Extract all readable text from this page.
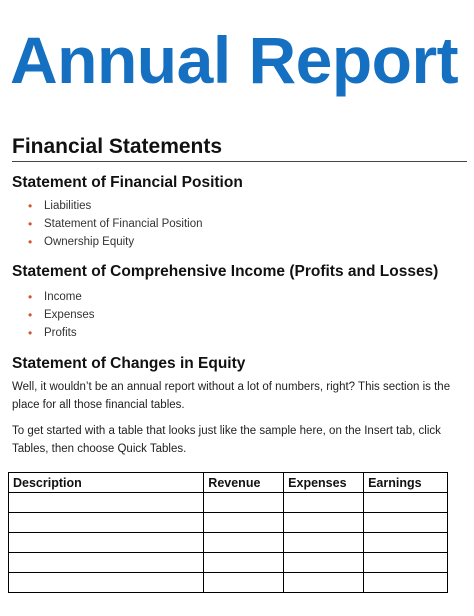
Annual Report
Financial Statements
Statement of Financial Position
• Liabilities
• Statement of Financial Position
• Ownership Equity
Statement of Comprehensive Income (Profits and Losses)
• Income
• Expenses
• Profits
Statement of Changes in Equity
Well, it wouldn’t be an annual report without a lot of numbers, right? This section is the place for all those financial tables.
To get started with a table that looks just like the sample here, on the Insert tab, click Tables, then choose Quick Tables.
Description	Revenue	Expenses	Earnings
